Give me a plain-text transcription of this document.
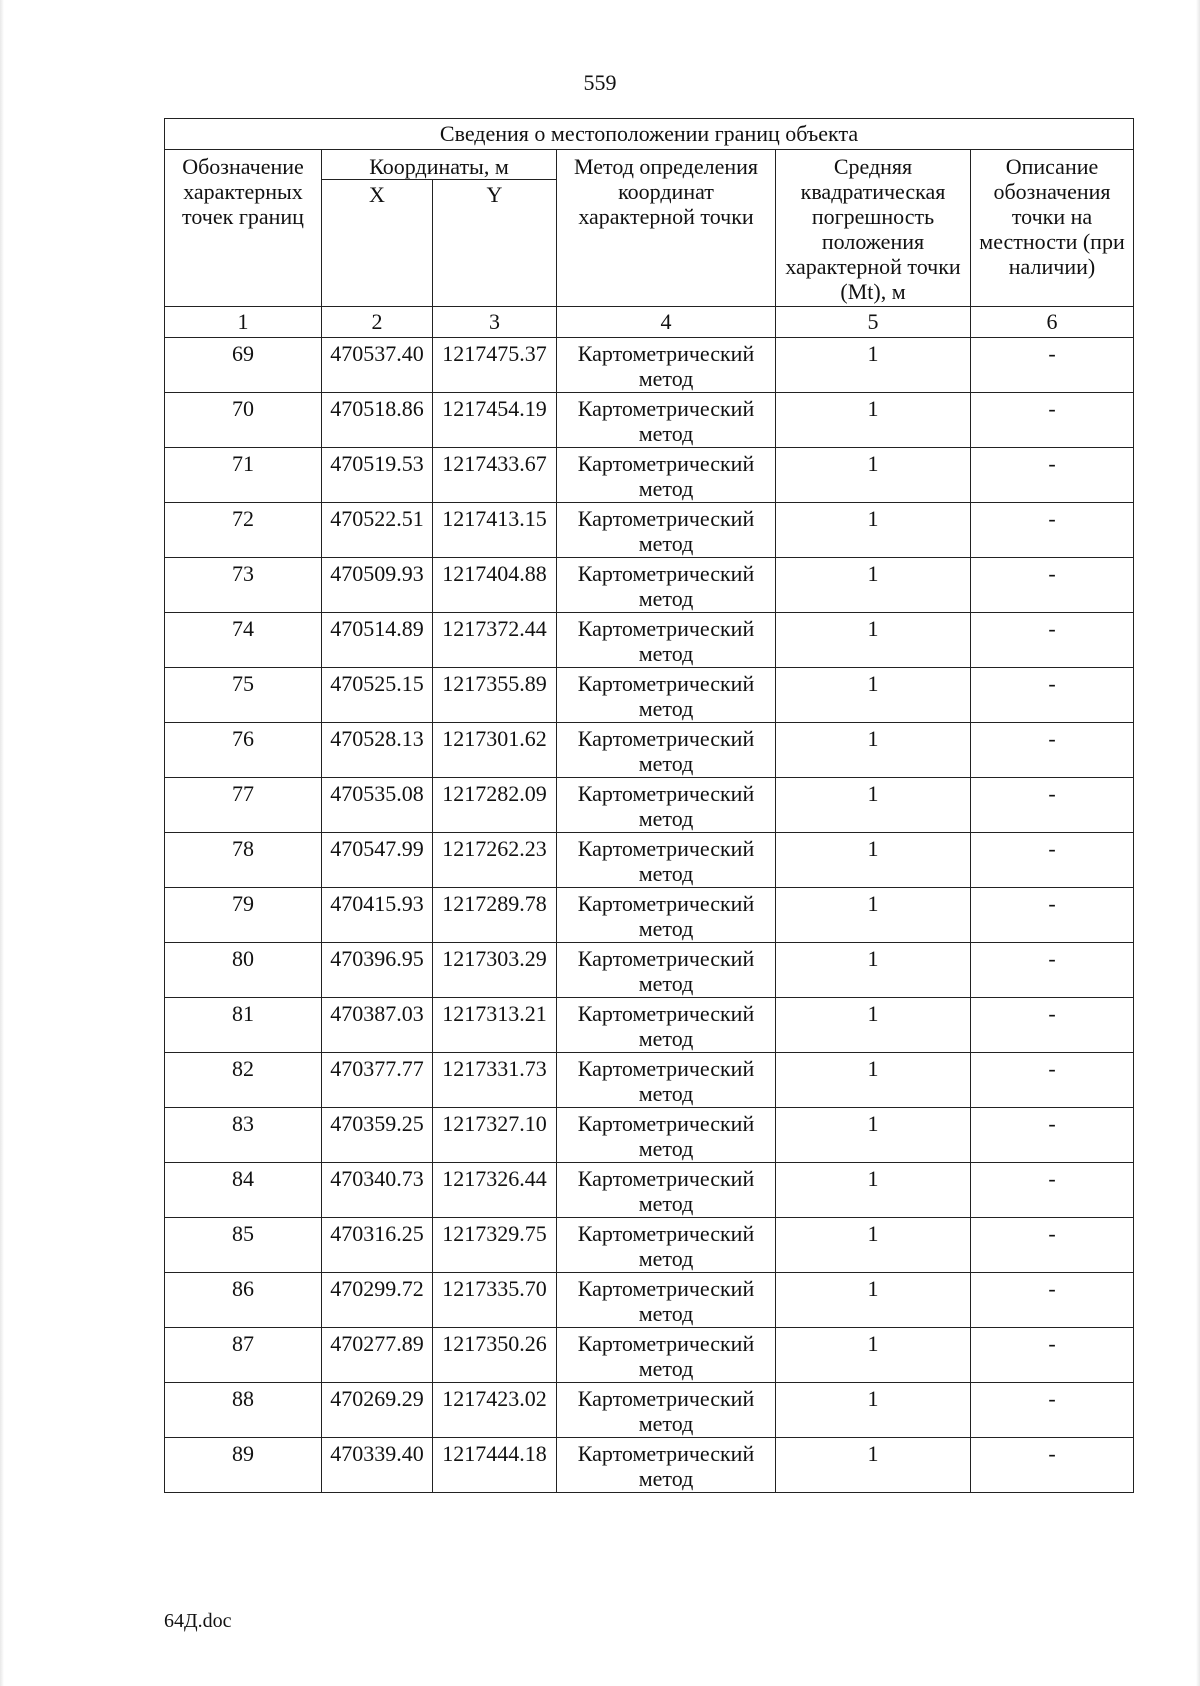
559
Сведения о местоположении границ объекта					
Обозначение характерных точек границ	Координаты, м		Метод определения координат характерной точки	Средняя квадратическая погрешность положения характерной точки (Mt), м	Описание обозначения точки на местности (при наличии)
	X	Y			
1	2	3	4	5	6
69	470537.40	1217475.37	Картометрический метод	1	-
70	470518.86	1217454.19	Картометрический метод	1	-
71	470519.53	1217433.67	Картометрический метод	1	-
72	470522.51	1217413.15	Картометрический метод	1	-
73	470509.93	1217404.88	Картометрический метод	1	-
74	470514.89	1217372.44	Картометрический метод	1	-
75	470525.15	1217355.89	Картометрический метод	1	-
76	470528.13	1217301.62	Картометрический метод	1	-
77	470535.08	1217282.09	Картометрический метод	1	-
78	470547.99	1217262.23	Картометрический метод	1	-
79	470415.93	1217289.78	Картометрический метод	1	-
80	470396.95	1217303.29	Картометрический метод	1	-
81	470387.03	1217313.21	Картометрический метод	1	-
82	470377.77	1217331.73	Картометрический метод	1	-
83	470359.25	1217327.10	Картометрический метод	1	-
84	470340.73	1217326.44	Картометрический метод	1	-
85	470316.25	1217329.75	Картометрический метод	1	-
86	470299.72	1217335.70	Картометрический метод	1	-
87	470277.89	1217350.26	Картометрический метод	1	-
88	470269.29	1217423.02	Картометрический метод	1	-
89	470339.40	1217444.18	Картометрический метод	1	-
64Д.doc
